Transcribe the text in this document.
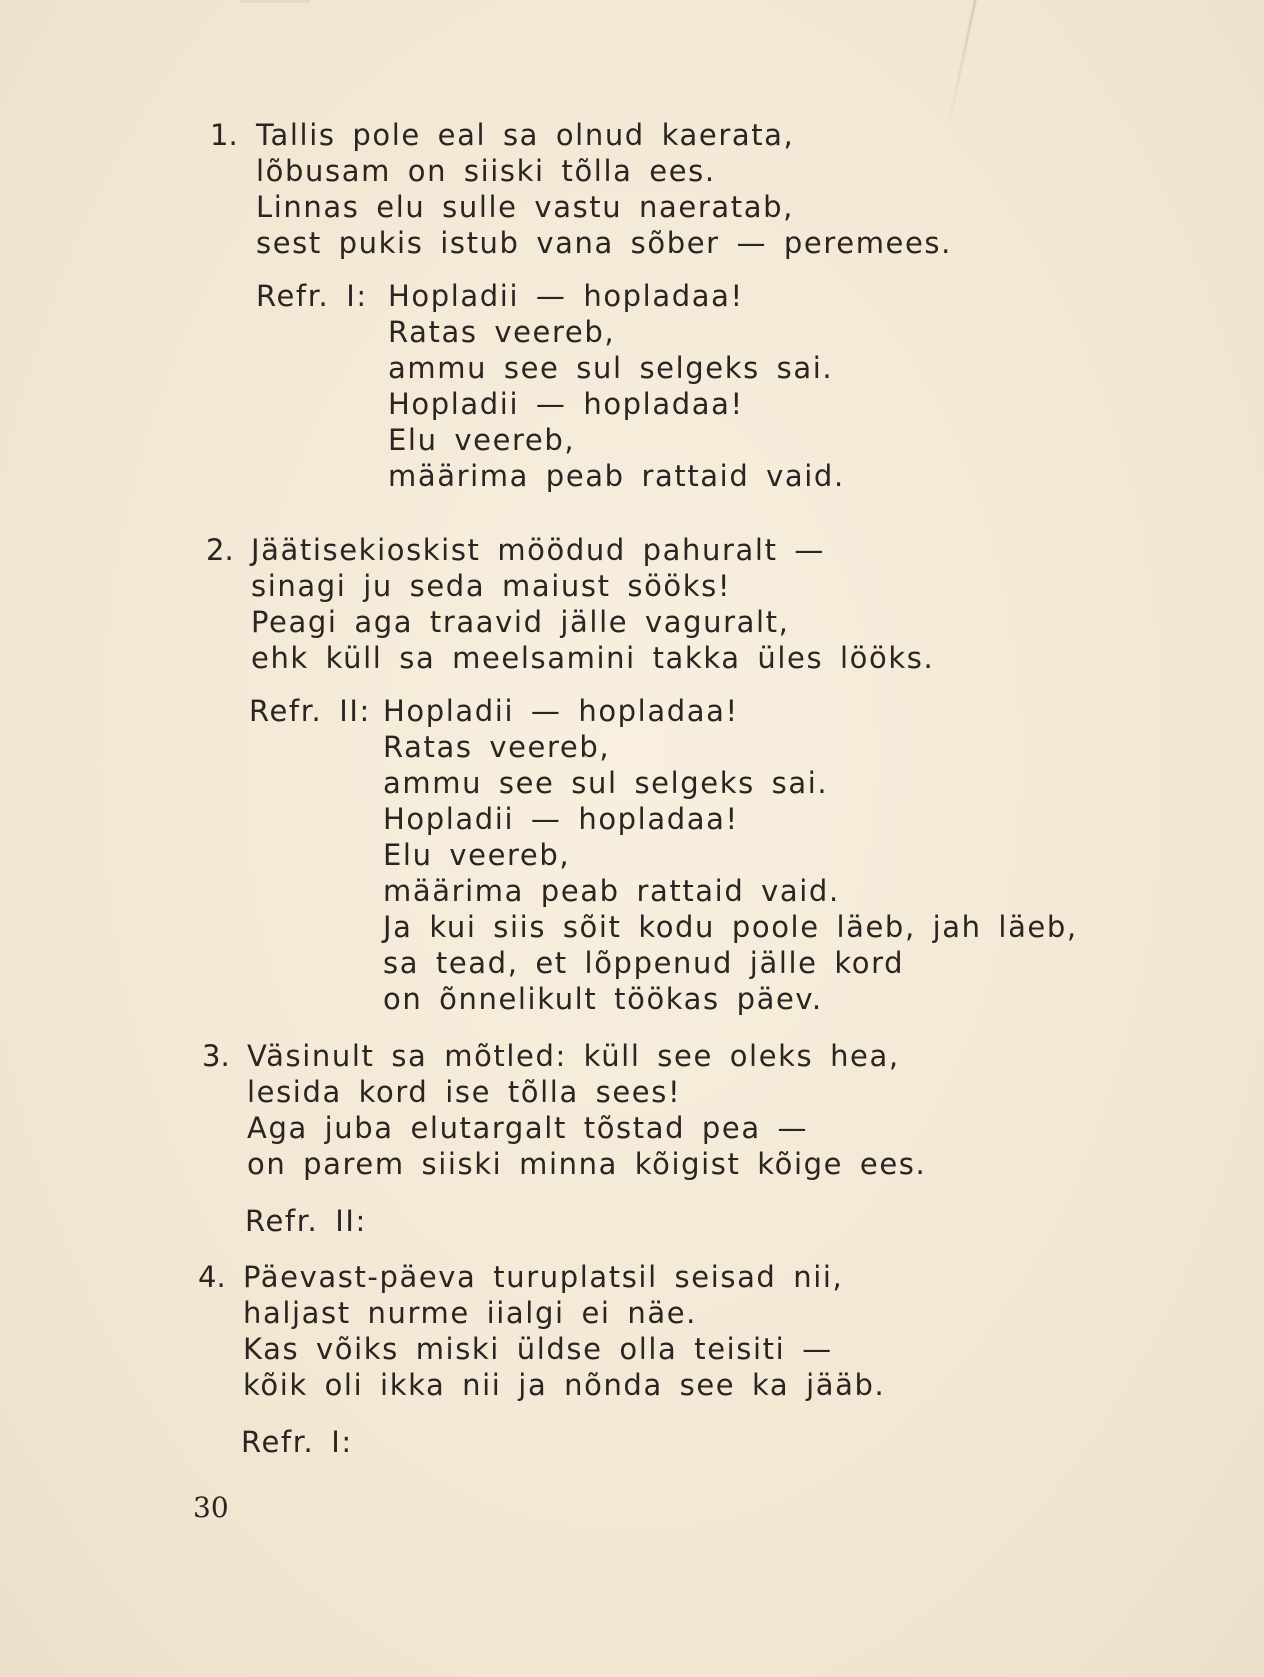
1. Tallis pole eal sa olnud kaerata,
lõbusam on siiski tõlla ees.
Linnas elu sulle vastu naeratab,
sest pukis istub vana sõber — peremees.
Refr. I: Hopladii — hopladaa!
Ratas veereb,
ammu see sul selgeks sai.
Hopladii — hopladaa!
Elu veereb,
määrima peab rattaid vaid.
2. Jäätisekioskist möödud pahuralt —
sinagi ju seda maiust sööks!
Peagi aga traavid jälle vaguralt,
ehk küll sa meelsamini takka üles lööks.
Refr. II: Hopladii — hopladaa!
Ratas veereb,
ammu see sul selgeks sai.
Hopladii — hopladaa!
Elu veereb,
määrima peab rattaid vaid.
Ja kui siis sõit kodu poole läeb, jah läeb,
sa tead, et lõppenud jälle kord
on õnnelikult töökas päev.
3. Väsinult sa mõtled: küll see oleks hea,
lesida kord ise tõlla sees!
Aga juba elutargalt tõstad pea —
on parem siiski minna kõigist kõige ees.
Refr. II:
4. Päevast-päeva turuplatsil seisad nii,
haljast nurme iialgi ei näe.
Kas võiks miski üldse olla teisiti —
kõik oli ikka nii ja nõnda see ka jääb.
Refr. I:
30
